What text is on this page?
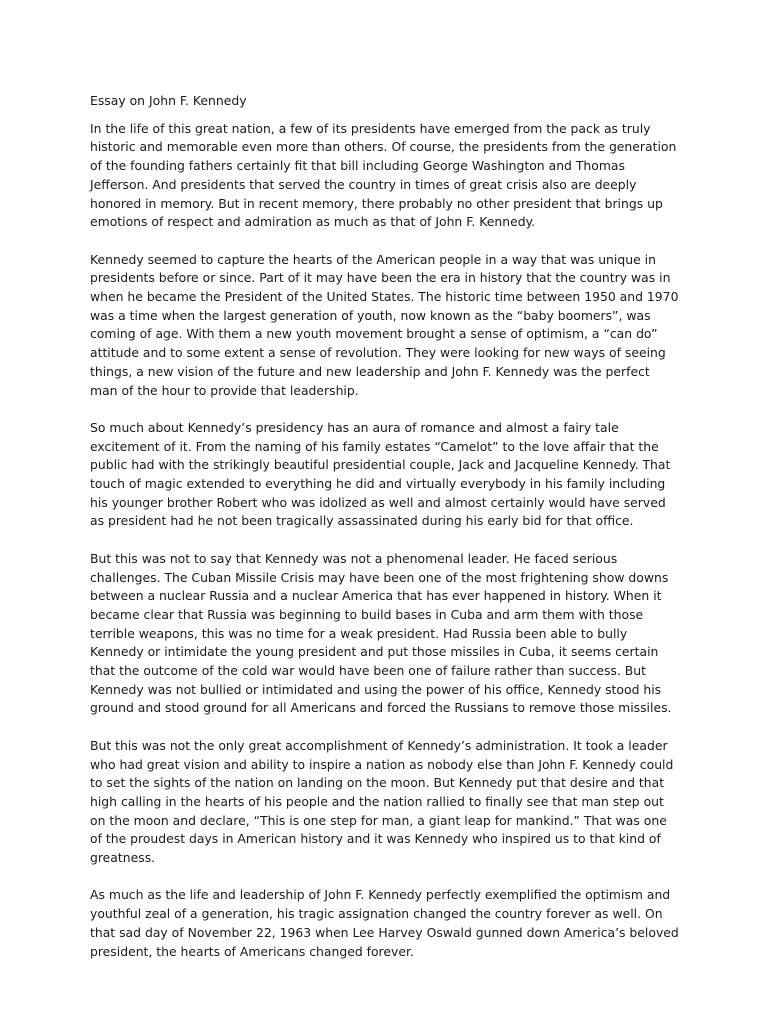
Essay on John F. Kennedy

In the life of this great nation, a few of its presidents have emerged from the pack as truly historic and memorable even more than others. Of course, the presidents from the generation of the founding fathers certainly fit that bill including George Washington and Thomas Jefferson. And presidents that served the country in times of great crisis also are deeply honored in memory. But in recent memory, there probably no other president that brings up emotions of respect and admiration as much as that of John F. Kennedy.

Kennedy seemed to capture the hearts of the American people in a way that was unique in presidents before or since. Part of it may have been the era in history that the country was in when he became the President of the United States. The historic time between 1950 and 1970 was a time when the largest generation of youth, now known as the “baby boomers”, was coming of age. With them a new youth movement brought a sense of optimism, a “can do” attitude and to some extent a sense of revolution. They were looking for new ways of seeing things, a new vision of the future and new leadership and John F. Kennedy was the perfect man of the hour to provide that leadership.

So much about Kennedy’s presidency has an aura of romance and almost a fairy tale excitement of it. From the naming of his family estates “Camelot” to the love affair that the public had with the strikingly beautiful presidential couple, Jack and Jacqueline Kennedy. That touch of magic extended to everything he did and virtually everybody in his family including his younger brother Robert who was idolized as well and almost certainly would have served as president had he not been tragically assassinated during his early bid for that office.

But this was not to say that Kennedy was not a phenomenal leader. He faced serious challenges. The Cuban Missile Crisis may have been one of the most frightening show downs between a nuclear Russia and a nuclear America that has ever happened in history. When it became clear that Russia was beginning to build bases in Cuba and arm them with those terrible weapons, this was no time for a weak president. Had Russia been able to bully Kennedy or intimidate the young president and put those missiles in Cuba, it seems certain that the outcome of the cold war would have been one of failure rather than success. But Kennedy was not bullied or intimidated and using the power of his office, Kennedy stood his ground and stood ground for all Americans and forced the Russians to remove those missiles.

But this was not the only great accomplishment of Kennedy’s administration. It took a leader who had great vision and ability to inspire a nation as nobody else than John F. Kennedy could to set the sights of the nation on landing on the moon. But Kennedy put that desire and that high calling in the hearts of his people and the nation rallied to finally see that man step out on the moon and declare, “This is one step for man, a giant leap for mankind.” That was one of the proudest days in American history and it was Kennedy who inspired us to that kind of greatness.

As much as the life and leadership of John F. Kennedy perfectly exemplified the optimism and youthful zeal of a generation, his tragic assignation changed the country forever as well. On that sad day of November 22, 1963 when Lee Harvey Oswald gunned down America’s beloved president, the hearts of Americans changed forever.
